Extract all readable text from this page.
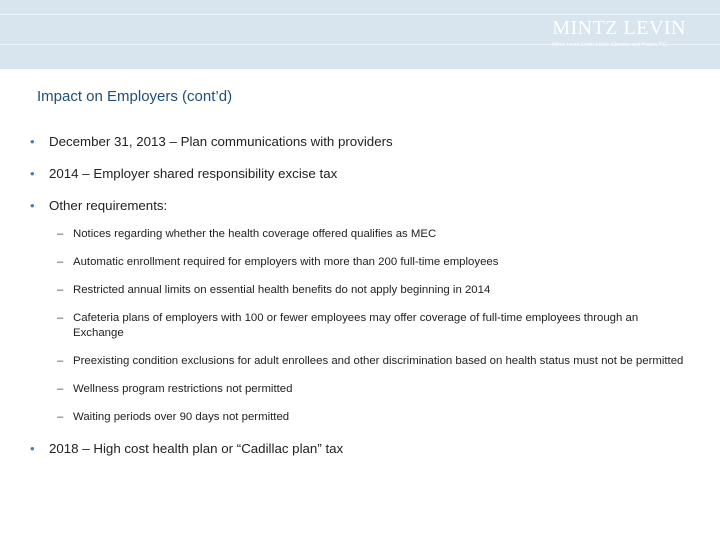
MINTZ LEVIN
Mintz Levin Cohn Ferris Glovsky and Popeo PC
Impact on Employers (cont’d)
• December 31, 2013 – Plan communications with providers
• 2014 – Employer shared responsibility excise tax
• Other requirements:
– Notices regarding whether the health coverage offered qualifies as MEC
– Automatic enrollment required for employers with more than 200 full-time employees
– Restricted annual limits on essential health benefits do not apply beginning in 2014
– Cafeteria plans of employers with 100 or fewer employees may offer coverage of full-time employees through an Exchange
– Preexisting condition exclusions for adult enrollees and other discrimination based on health status must not be permitted
– Wellness program restrictions not permitted
– Waiting periods over 90 days not permitted
• 2018 – High cost health plan or “Cadillac plan” tax
